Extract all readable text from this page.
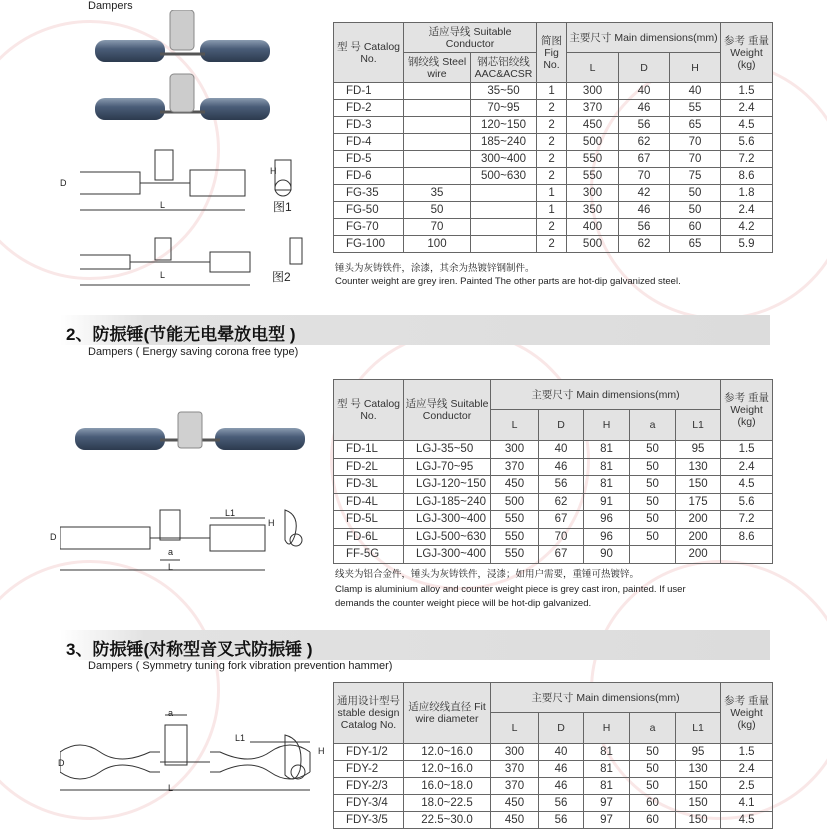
Dampers
D
L
H
图1
L	图2
型 号 Catalog No.	适应导线 Suitable Conductor		简图 Fig No.	主要尺寸 Main dimensions(mm)			参考 重量 Weight (kg)
	钢绞线 Steel wire	钢芯铝绞线 AAC&ACSR		L	D	H	
FD-1		35~50	1	300	40	40	1.5
FD-2		70~95	2	370	46	55	2.4
FD-3		120~150	2	450	56	65	4.5
FD-4		185~240	2	500	62	70	5.6
FD-5		300~400	2	550	67	70	7.2
FD-6		500~630	2	550	70	75	8.6
FG-35	35		1	300	42	50	1.8
FG-50	50		1	350	46	50	2.4
FG-70	70		2	400	56	60	4.2
FG-100	100		2	500	62	65	5.9
锤头为灰铸铁件，涂漆，其余为热镀锌钢制件。
Counter weight are grey iren. Painted The other parts are hot-dip galvanized steel.
2、防振锤(节能无电晕放电型 )
Dampers ( Energy saving corona free type)
D
L
L1
a
H
型 号 Catalog No.	适应导线 Suitable Conductor	主要尺寸 Main dimensions(mm)					参考 重量 Weight (kg)
		L	D	H	a	L1	
FD-1L	LGJ-35~50	300	40	81	50	95	1.5
FD-2L	LGJ-70~95	370	46	81	50	130	2.4
FD-3L	LGJ-120~150	450	56	81	50	150	4.5
FD-4L	LGJ-185~240	500	62	91	50	175	5.6
FD-5L	LGJ-300~400	550	67	96	50	200	7.2
FD-6L	LGJ-500~630	550	70	96	50	200	8.6
FF-5G	LGJ-300~400	550	67	90		200	
线夹为铝合金件，锤头为灰铸铁件，浸漆；如用户需要，重锤可热镀锌。
Clamp is aluminium alloy and counter weight piece is grey cast iron, painted. If user
demands the counter weight piece will be hot-dip galvanized.
3、防振锤(对称型音叉式防振锤 )
Dampers ( Symmetry tuning fork vibration prevention hammer)
D
L
L1
a
H
通用设计型号 stable design Catalog No.	适应绞线直径 Fit wire diameter	主要尺寸 Main dimensions(mm)					参考 重量 Weight (kg)
		L	D	H	a	L1	
FDY-1/2	12.0~16.0	300	40	81	50	95	1.5
FDY-2	12.0~16.0	370	46	81	50	130	2.4
FDY-2/3	16.0~18.0	370	46	81	50	150	2.5
FDY-3/4	18.0~22.5	450	56	97	60	150	4.1
FDY-3/5	22.5~30.0	450	56	97	60	150	4.5
